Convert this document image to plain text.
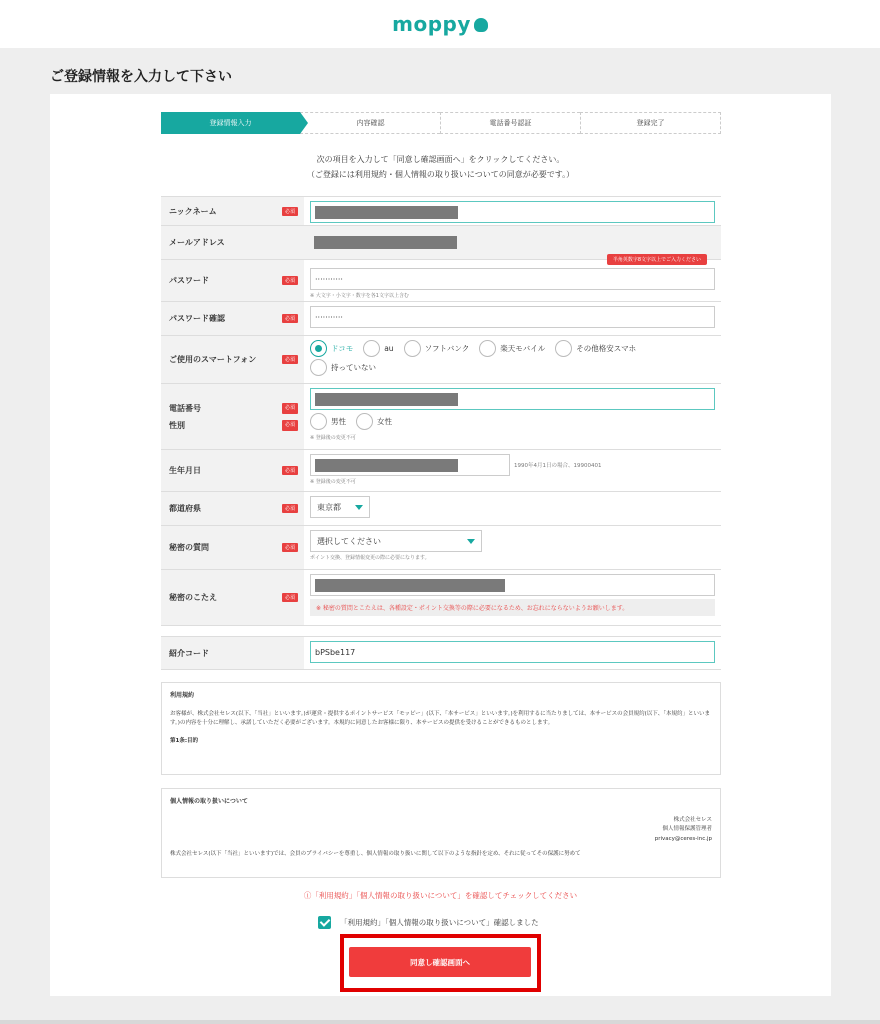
moppy
ご登録情報を入力して下さい
登録情報入力	内容確認	電話番号認証	登録完了
次の項目を入力して「同意し確認画面へ」をクリックしてください。
（ご登録には利用規約・個人情報の取り扱いについての同意が必要です。）
ニックネーム	必須
メールアドレス
パスワード	必須
半角英数字8文字以上でご入力ください
···········
※ 大文字・小文字・数字を各1文字以上含む
パスワード確認	必須	···········
ご使用のスマートフォン	必須
ドコモ	au	ソフトバンク	楽天モバイル	その他格安スマホ
持っていない
電話番号	必須
性別	必須	男性	女性
※ 登録後の変更不可
生年月日	必須
1990年4月1日の場合、19900401
※ 登録後の変更不可
都道府県	必須	東京都
秘密の質問	必須
選択してください
ポイント交換、登録情報変更の際に必要になります。
秘密のこたえ	必須
※ 秘密の質問とこたえは、各種設定・ポイント交換等の際に必要になるため、お忘れにならないようお願いします。
紹介コード	bPSbe117
利用規約

お客様が、株式会社セレス(以下、「当社」といいます。)が運営・提供するポイントサービス「モッピー」(以下、「本サービス」といいます。)を利用するに当たりましては、本サービスの会員規約(以下、「本規約」といいます。)の内容を十分に理解し、承諾していただく必要がございます。本規約に同意したお客様に限り、本サービスの提供を受けることができるものとします。

第1条:目的

個人情報の取り扱いについて
株式会社セレス
個人情報保護管理者
privacy@ceres-inc.jp

株式会社セレス(以下「当社」といいます)では、会員のプライバシーを尊重し、個人情報の取り扱いに関して以下のような指針を定め、それに従ってその保護に努めて

ⓘ「利用規約」「個人情報の取り扱いについて」を確認してチェックしてください
「利用規約」「個人情報の取り扱いについて」確認しました
同意し確認画面へ
